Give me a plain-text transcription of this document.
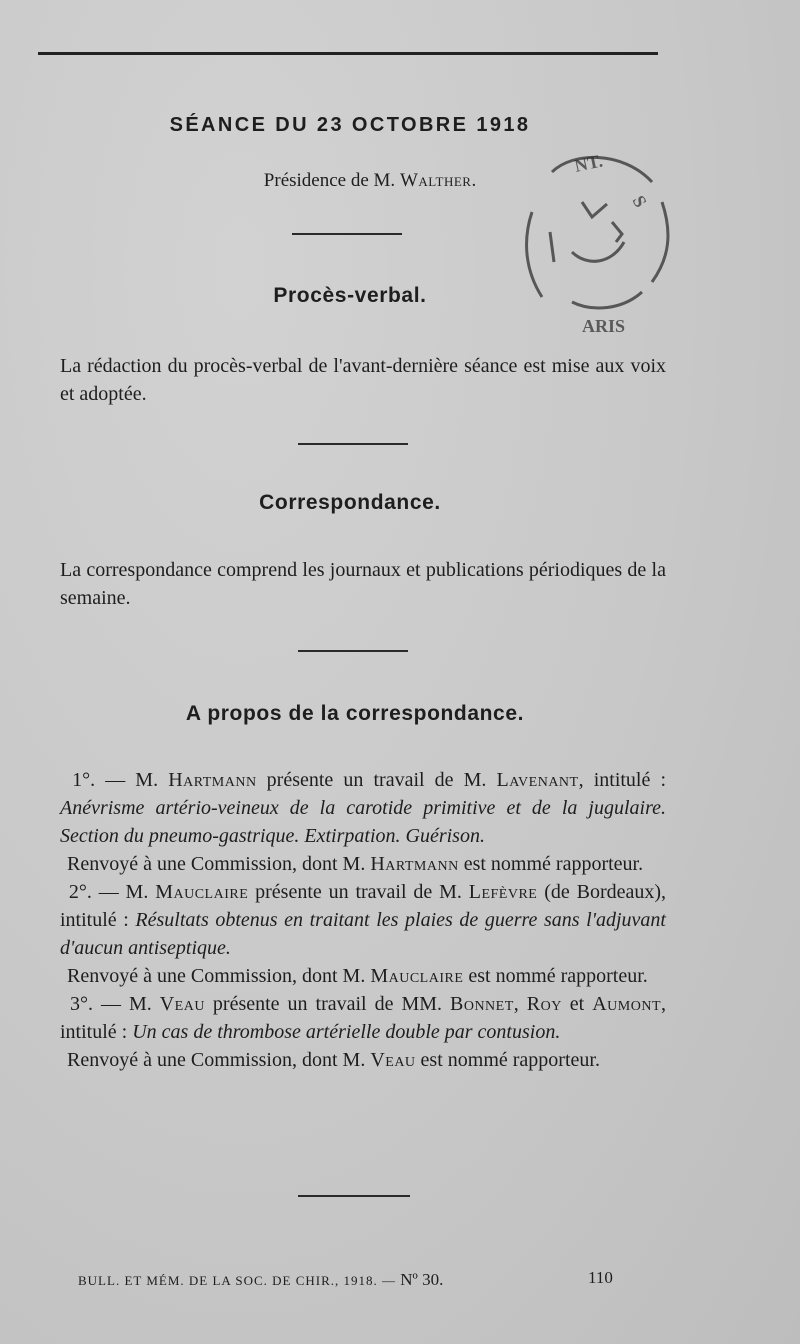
SÉANCE DU 23 OCTOBRE 1918
Présidence de M. Walther.
NT.
S
ARIS
Bibliothèque Paris
Procès-verbal.

La rédaction du procès-verbal de l'avant-dernière séance est mise aux voix et adoptée.

Correspondance.

La correspondance comprend les journaux et publications périodiques de la semaine.

A propos de la correspondance.

1°. — M. Hartmann présente un travail de M. Lavenant, intitulé : Anévrisme artério-veineux de la carotide primitive et de la jugulaire. Section du pneumo-gastrique. Extirpation. Guérison.

Renvoyé à une Commission, dont M. Hartmann est nommé rapporteur.

2°. — M. Mauclaire présente un travail de M. Lefèvre (de Bordeaux), intitulé : Résultats obtenus en traitant les plaies de guerre sans l'adjuvant d'aucun antiseptique.

Renvoyé à une Commission, dont M. Mauclaire est nommé rapporteur.

3°. — M. Veau présente un travail de MM. Bonnet, Roy et Aumont, intitulé : Un cas de thrombose artérielle double par contusion.

Renvoyé à une Commission, dont M. Veau est nommé rapporteur.

BULL. ET MÉM. DE LA SOC. DE CHIR., 1918. — Nº 30.	110
